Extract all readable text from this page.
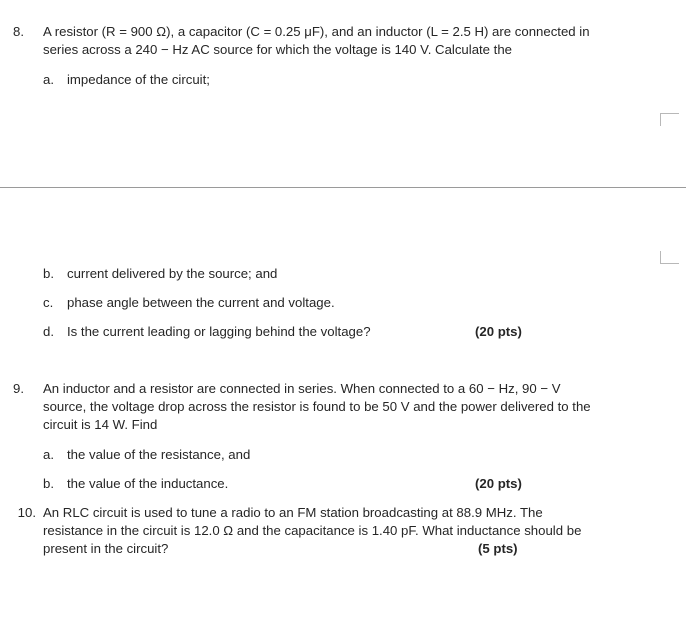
8. A resistor (R = 900 Ω), a capacitor (C = 0.25 μF), and an inductor (L = 2.5 H) are connected in
series across a 240 − Hz AC source for which the voltage is 140 V. Calculate the
a. impedance of the circuit;
b. current delivered by the source; and
c. phase angle between the current and voltage.
d. Is the current leading or lagging behind the voltage?	(20 pts)
9. An inductor and a resistor are connected in series. When connected to a 60 − Hz, 90 − V
source, the voltage drop across the resistor is found to be 50 V and the power delivered to the
circuit is 14 W. Find
a. the value of the resistance, and
b. the value of the inductance.	(20 pts)
10. An RLC circuit is used to tune a radio to an FM station broadcasting at 88.9 MHz. The
resistance in the circuit is 12.0 Ω and the capacitance is 1.40 pF. What inductance should be
present in the circuit?	(5 pts)
